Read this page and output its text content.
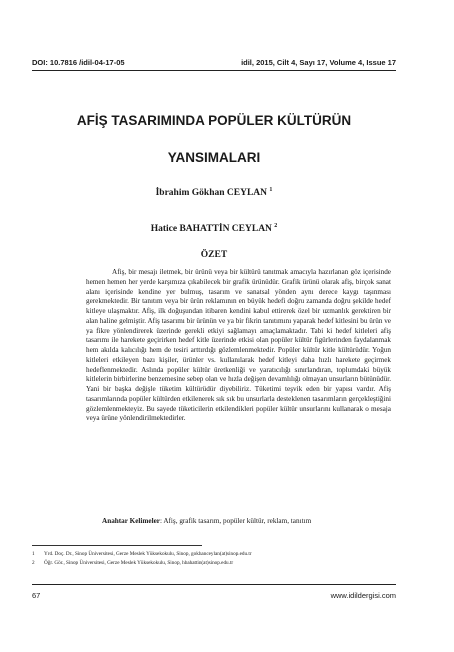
DOI: 10.7816 /idil-04-17-05	idil, 2015, Cilt 4, Sayı 17, Volume 4, Issue 17
AFİŞ TASARIMINDA POPÜLER KÜLTÜRÜN
YANSIMALARI
İbrahim Gökhan CEYLAN $^1$
Hatice BAHATTİN CEYLAN $^2$
ÖZET

Afiş, bir mesajı iletmek, bir ürünü veya bir kültürü tanıtmak amacıyla hazırlanan göz içerisinde hemen hemen her yerde karşımıza çıkabilecek bir grafik ürünüdür. Grafik ürünü olarak afiş, birçok sanat alanı içerisinde kendine yer bulmuş, tasarım ve sanatsal yönden aynı derece kaygı taşınması gerekmektedir. Bir tanıtım veya bir ürün reklamının en büyük hedefi doğru zamanda doğru şekilde hedef kitleye ulaşmaktır. Afiş, ilk doğuşundan itibaren kendini kabul ettirerek özel bir uzmanlık gerektiren bir alan haline gelmiştir. Afiş tasarımı bir ürünün ve ya bir fikrin tanıtımını yaparak hedef kitlesini bu ürün ve ya fikre yönlendirerek üzerinde gerekli etkiyi sağlamayı amaçlamaktadır. Tabi ki hedef kitleleri afiş tasarımı ile harekete geçirirken hedef kitle üzerinde etkisi olan popüler kültür figürlerinden faydalanmak hem akılda kalıcılığı hem de tesiri arttırdığı gözlemlenmektedir. Popüler kültür kitle kültürüdür. Yoğun kitleleri etkileyen bazı kişiler, ürünler vs. kullanılarak hedef kitleyi daha hızlı harekete geçirmek hedeflenmektedir. Aslında popüler kültür üretkenliği ve yaratıcılığı sınırlandıran, toplumdaki büyük kitlelerin birbirlerine benzemesine sebep olan ve hızla değişen devamlılığı olmayan unsurların bütünüdür. Yani bir başka değişle tüketim kültürüdür diyebiliriz. Tüketimi teşvik eden bir yapısı vardır. Afiş tasarımlarında popüler kültürden etkilenerek sık sık bu unsurlarla desteklenen tasarımların gerçekleştiğini gözlemlenmekteyiz. Bu sayede tüketicilerin etkilendikleri popüler kültür unsurlarını kullanarak o mesaja veya ürüne yönlendirilmektedirler.

Anahtar Kelimeler: Afiş, grafik tasarım, popüler kültür, reklam, tanıtım

1	Yrd. Doç. Dr., Sinop Üniversitesi, Gerze Meslek Yüksekokulu, Sinop, gokhanceylan(at)sinop.edu.tr
2	Öğr. Gör., Sinop Üniversitesi, Gerze Meslek Yüksekokulu, Sinop, hbahattin(at)sinop.edu.tr
67	www.idildergisi.com
